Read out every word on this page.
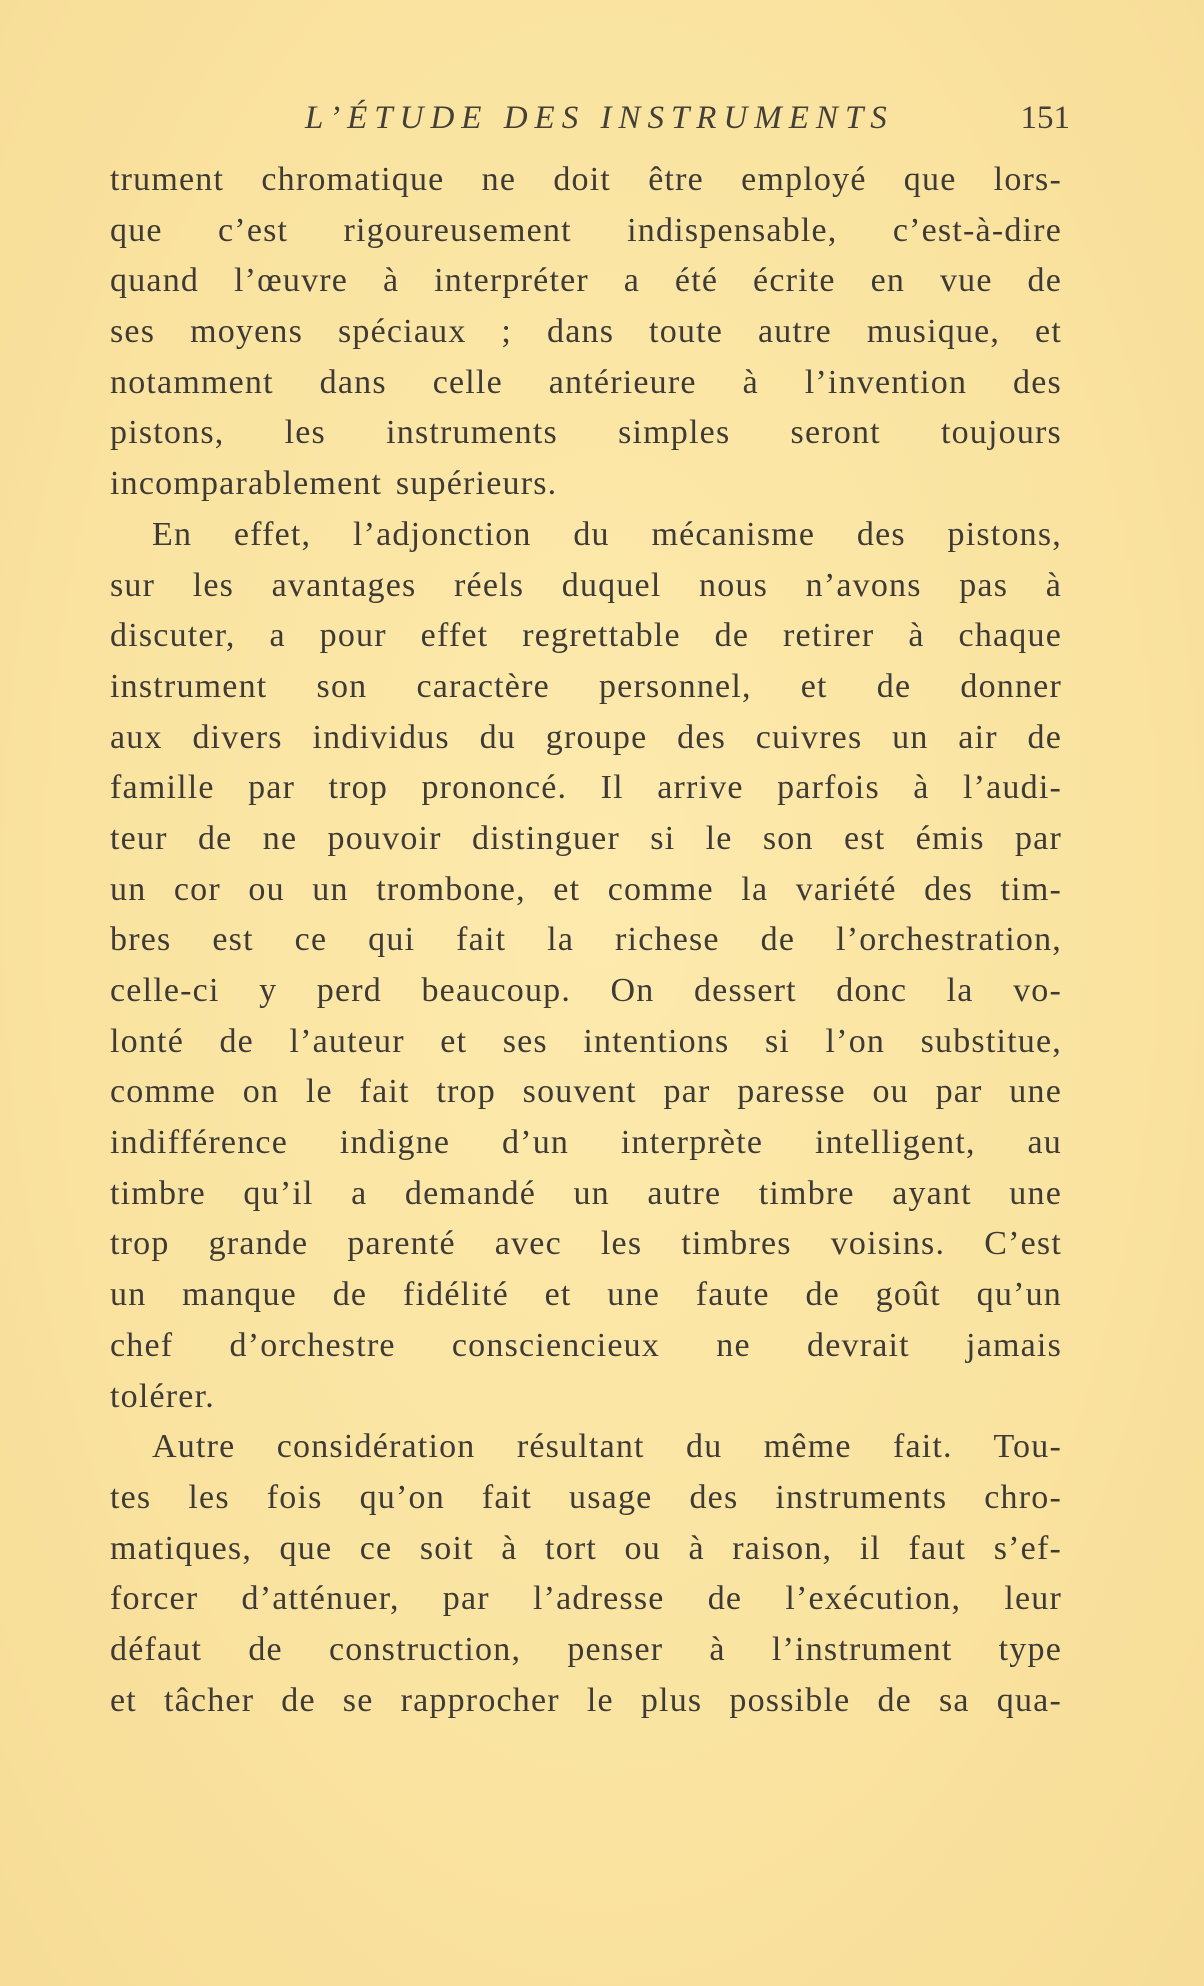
L’ÉTUDE DES INSTRUMENTS	151
trument chromatique ne doit être employé que lors-
que c’est rigoureusement indispensable, c’est-à-dire
quand l’œuvre à interpréter a été écrite en vue de
ses moyens spéciaux ; dans toute autre musique, et
notamment dans celle antérieure à l’invention des
pistons, les instruments simples seront toujours
incomparablement supérieurs.
En effet, l’adjonction du mécanisme des pistons,
sur les avantages réels duquel nous n’avons pas à
discuter, a pour effet regrettable de retirer à chaque
instrument son caractère personnel, et de donner
aux divers individus du groupe des cuivres un air de
famille par trop prononcé. Il arrive parfois à l’audi-
teur de ne pouvoir distinguer si le son est émis par
un cor ou un trombone, et comme la variété des tim-
bres est ce qui fait la richese de l’orchestration,
celle-ci y perd beaucoup. On dessert donc la vo-
lonté de l’auteur et ses intentions si l’on substitue,
comme on le fait trop souvent par paresse ou par une
indifférence indigne d’un interprète intelligent, au
timbre qu’il a demandé un autre timbre ayant une
trop grande parenté avec les timbres voisins. C’est
un manque de fidélité et une faute de goût qu’un
chef d’orchestre consciencieux ne devrait jamais
tolérer.
Autre considération résultant du même fait. Tou-
tes les fois qu’on fait usage des instruments chro-
matiques, que ce soit à tort ou à raison, il faut s’ef-
forcer d’atténuer, par l’adresse de l’exécution, leur
défaut de construction, penser à l’instrument type
et tâcher de se rapprocher le plus possible de sa qua-
